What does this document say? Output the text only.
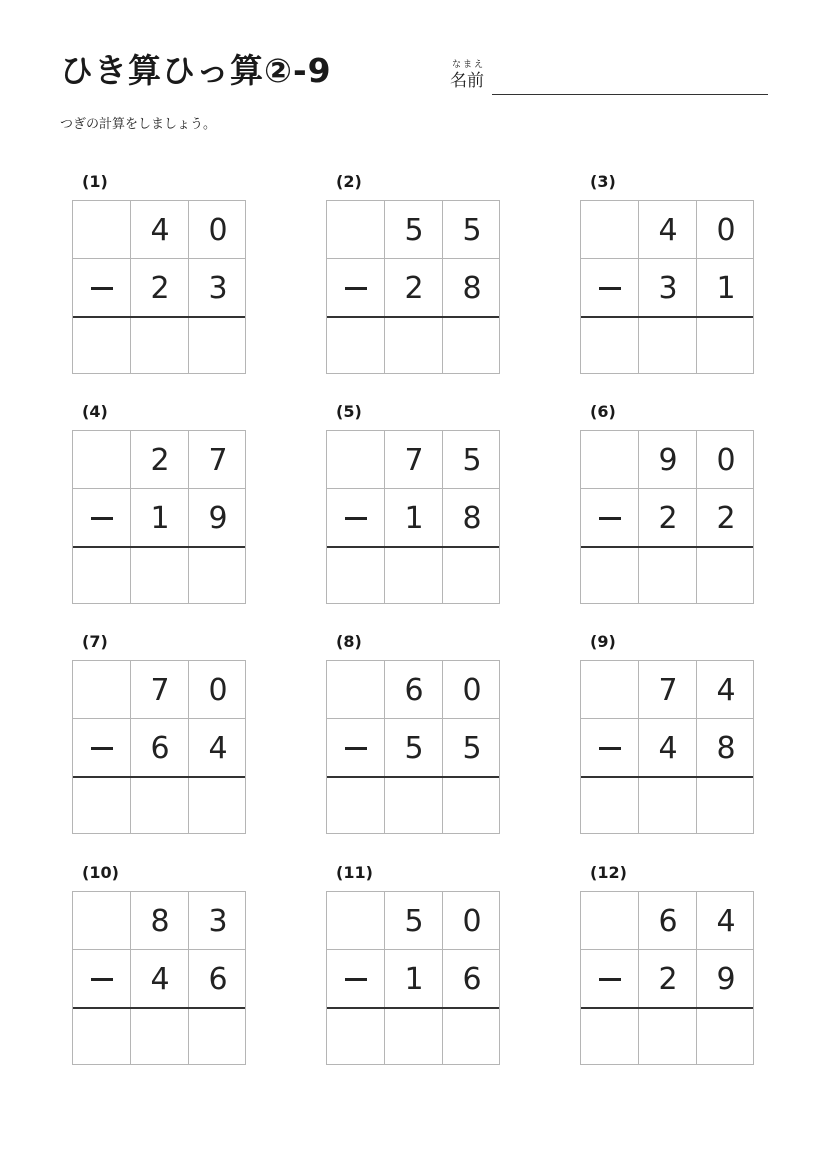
ひき算ひっ算②-9	なまえ
名前
つぎの計算をしましょう。
(1)
4	0
2	3
(2)
5	5
2	8
(3)
4	0
3	1
(4)
2	7
1	9
(5)
7	5
1	8
(6)
9	0
2	2
(7)
7	0
6	4
(8)
6	0
5	5
(9)
7	4
4	8
(10)
8	3
4	6
(11)
5	0
1	6
(12)
6	4
2	9
